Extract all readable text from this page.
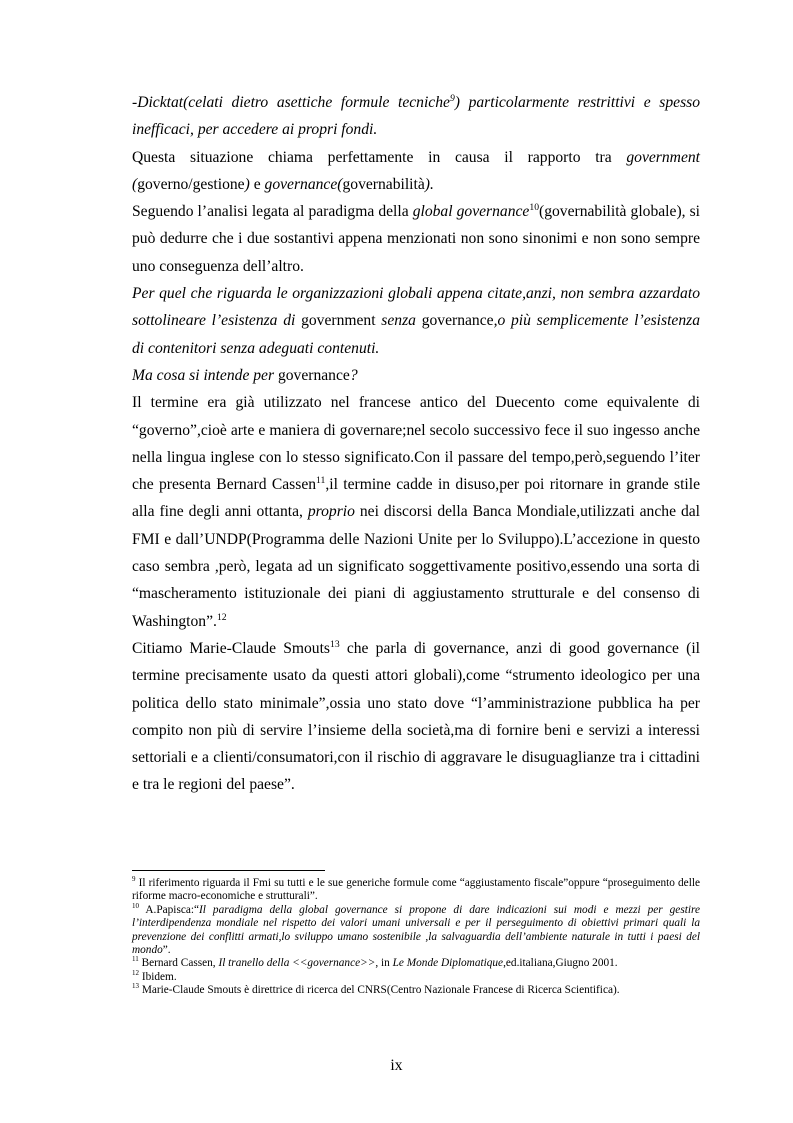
-Dicktat(celati dietro asettiche formule tecniche$^9$) particolarmente restrittivi e spesso inefficaci, per accedere ai propri fondi.

Questa situazione chiama perfettamente in causa il rapporto tra government (governo/gestione) e governance(governabilità).

Seguendo l’analisi legata al paradigma della global governance$^{10}$(governabilità globale), si può dedurre che i due sostantivi appena menzionati non sono sinonimi e non sono sempre uno conseguenza dell’altro.

Per quel che riguarda le organizzazioni globali appena citate,anzi, non sembra azzardato sottolineare l’esistenza di government senza governance,o più semplicemente l’esistenza di contenitori senza adeguati contenuti.

Ma cosa si intende per governance?

Il termine era già utilizzato nel francese antico del Duecento come equivalente di “governo”,cioè arte e maniera di governare;nel secolo successivo fece il suo ingesso anche nella lingua inglese con lo stesso significato.Con il passare del tempo,però,seguendo l’iter che presenta Bernard Cassen$^{11}$,il termine cadde in disuso,per poi ritornare in grande stile alla fine degli anni ottanta, proprio nei discorsi della Banca Mondiale,utilizzati anche dal FMI e dall’UNDP(Programma delle Nazioni Unite per lo Sviluppo).L’accezione in questo caso sembra ,però, legata ad un significato soggettivamente positivo,essendo una sorta di “mascheramento istituzionale dei piani di aggiustamento strutturale e del consenso di Washington”.$^{12}$

Citiamo Marie-Claude Smouts$^{13}$ che parla di governance, anzi di good governance (il termine precisamente usato da questi attori globali),come “strumento ideologico per una politica dello stato minimale”,ossia uno stato dove “l’amministrazione pubblica ha per compito non più di servire l’insieme della società,ma di fornire beni e servizi a interessi settoriali e a clienti/consumatori,con il rischio di aggravare le disuguaglianze tra i cittadini e tra le regioni del paese”.

$^9$ Il riferimento riguarda il Fmi su tutti e le sue generiche formule come “aggiustamento fiscale”oppure “proseguimento delle riforme macro-economiche e strutturali”.

$^{10}$ A.Papisca:“Il paradigma della global governance si propone di dare indicazioni sui modi e mezzi per gestire l’interdipendenza mondiale nel rispetto dei valori umani universali e per il perseguimento di obiettivi primari quali la prevenzione dei conflitti armati,lo sviluppo umano sostenibile ,la salvaguardia dell’ambiente naturale in tutti i paesi del mondo”.

$^{11}$ Bernard Cassen, Il tranello della <<governance>>, in Le Monde Diplomatique,ed.italiana,Giugno 2001.

$^{12}$ Ibidem.

$^{13}$ Marie-Claude Smouts è direttrice di ricerca del CNRS(Centro Nazionale Francese di Ricerca Scientifica).

ix
